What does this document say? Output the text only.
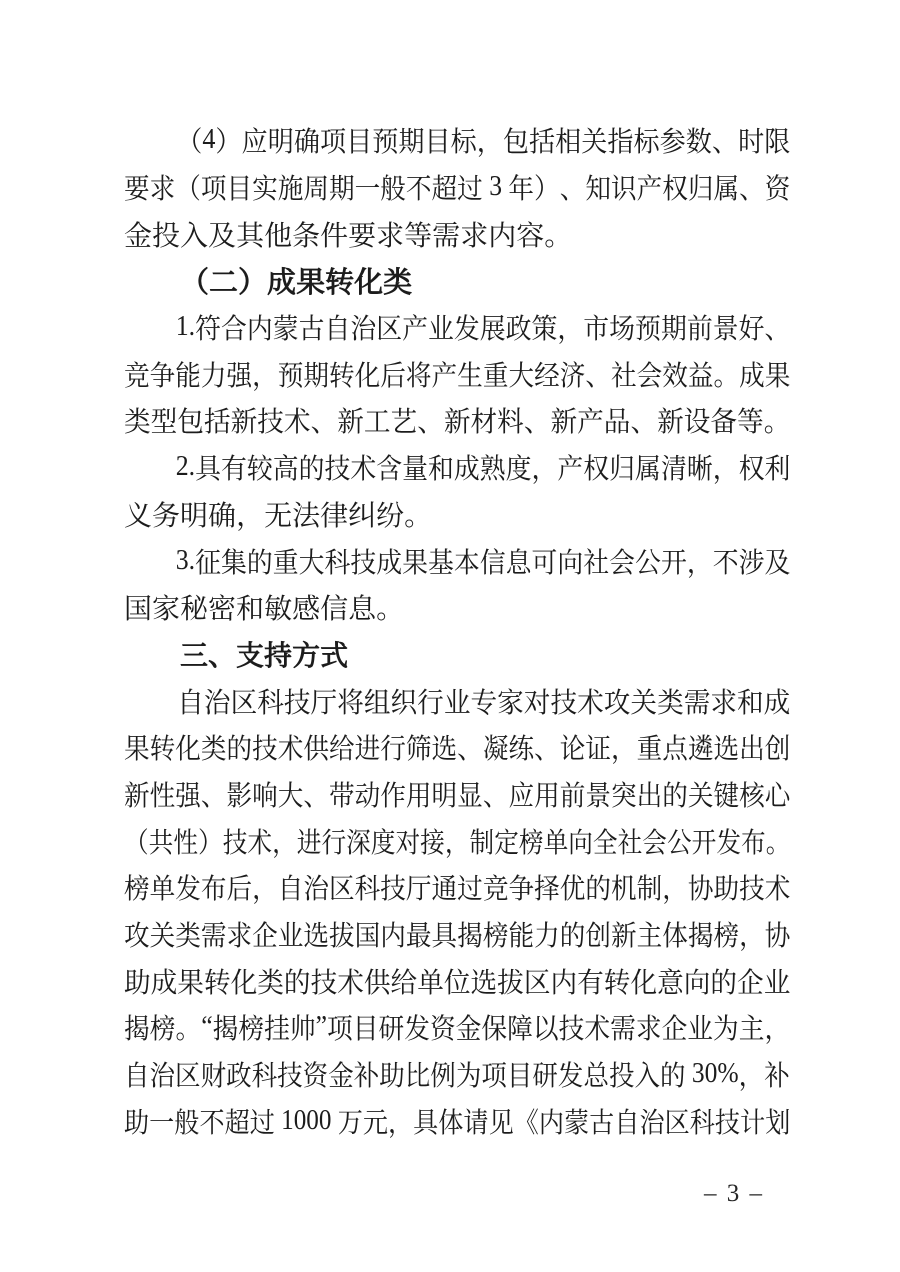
（ 4 ） 应 明 确 项 目 预 期 目 标 ， 包 括 相 关 指 标 参 数 、 时 限
要 求 （ 项 目 实 施 周 期 一 般 不 超 过 3 年 ） 、 知 识 产 权 归 属 、 资
金 投 入 及 其 他 条 件 要 求 等 需 求 内 容 。
（ 二 ） 成 果 转 化 类
1. 符 合 内 蒙 古 自 治 区 产 业 发 展 政 策 ， 市 场 预 期 前 景 好 、
竞 争 能 力 强 ， 预 期 转 化 后 将 产 生 重 大 经 济 、 社 会 效 益 。 成 果
类 型 包 括 新 技 术 、 新 工 艺 、 新 材 料 、 新 产 品 、 新 设 备 等 。
2. 具 有 较 高 的 技 术 含 量 和 成 熟 度 ， 产 权 归 属 清 晰 ， 权 利
义 务 明 确 ， 无 法 律 纠 纷 。
3. 征 集 的 重 大 科 技 成 果 基 本 信 息 可 向 社 会 公 开 ， 不 涉 及
国 家 秘 密 和 敏 感 信 息 。
三 、 支 持 方 式
自 治 区 科 技 厅 将 组 织 行 业 专 家 对 技 术 攻 关 类 需 求 和 成
果 转 化 类 的 技 术 供 给 进 行 筛 选 、 凝 练 、 论 证 ， 重 点 遴 选 出 创
新 性 强 、 影 响 大 、 带 动 作 用 明 显 、 应 用 前 景 突 出 的 关 键 核 心
（ 共 性 ） 技 术 ， 进 行 深 度 对 接 ， 制 定 榜 单 向 全 社 会 公 开 发 布 。
榜 单 发 布 后 ， 自 治 区 科 技 厅 通 过 竞 争 择 优 的 机 制 ， 协 助 技 术
攻 关 类 需 求 企 业 选 拔 国 内 最 具 揭 榜 能 力 的 创 新 主 体 揭 榜 ， 协
助 成 果 转 化 类 的 技 术 供 给 单 位 选 拔 区 内 有 转 化 意 向 的 企 业
揭 榜 。 “ 揭 榜 挂 帅 ” 项 目 研 发 资 金 保 障 以 技 术 需 求 企 业 为 主 ，
自 治 区 财 政 科 技 资 金 补 助 比 例 为 项 目 研 发 总 投 入 的 30% ， 补
助 一 般 不 超 过 1000 万 元 ， 具 体 请 见 《 内 蒙 古 自 治 区 科 技 计 划
– 3 –
